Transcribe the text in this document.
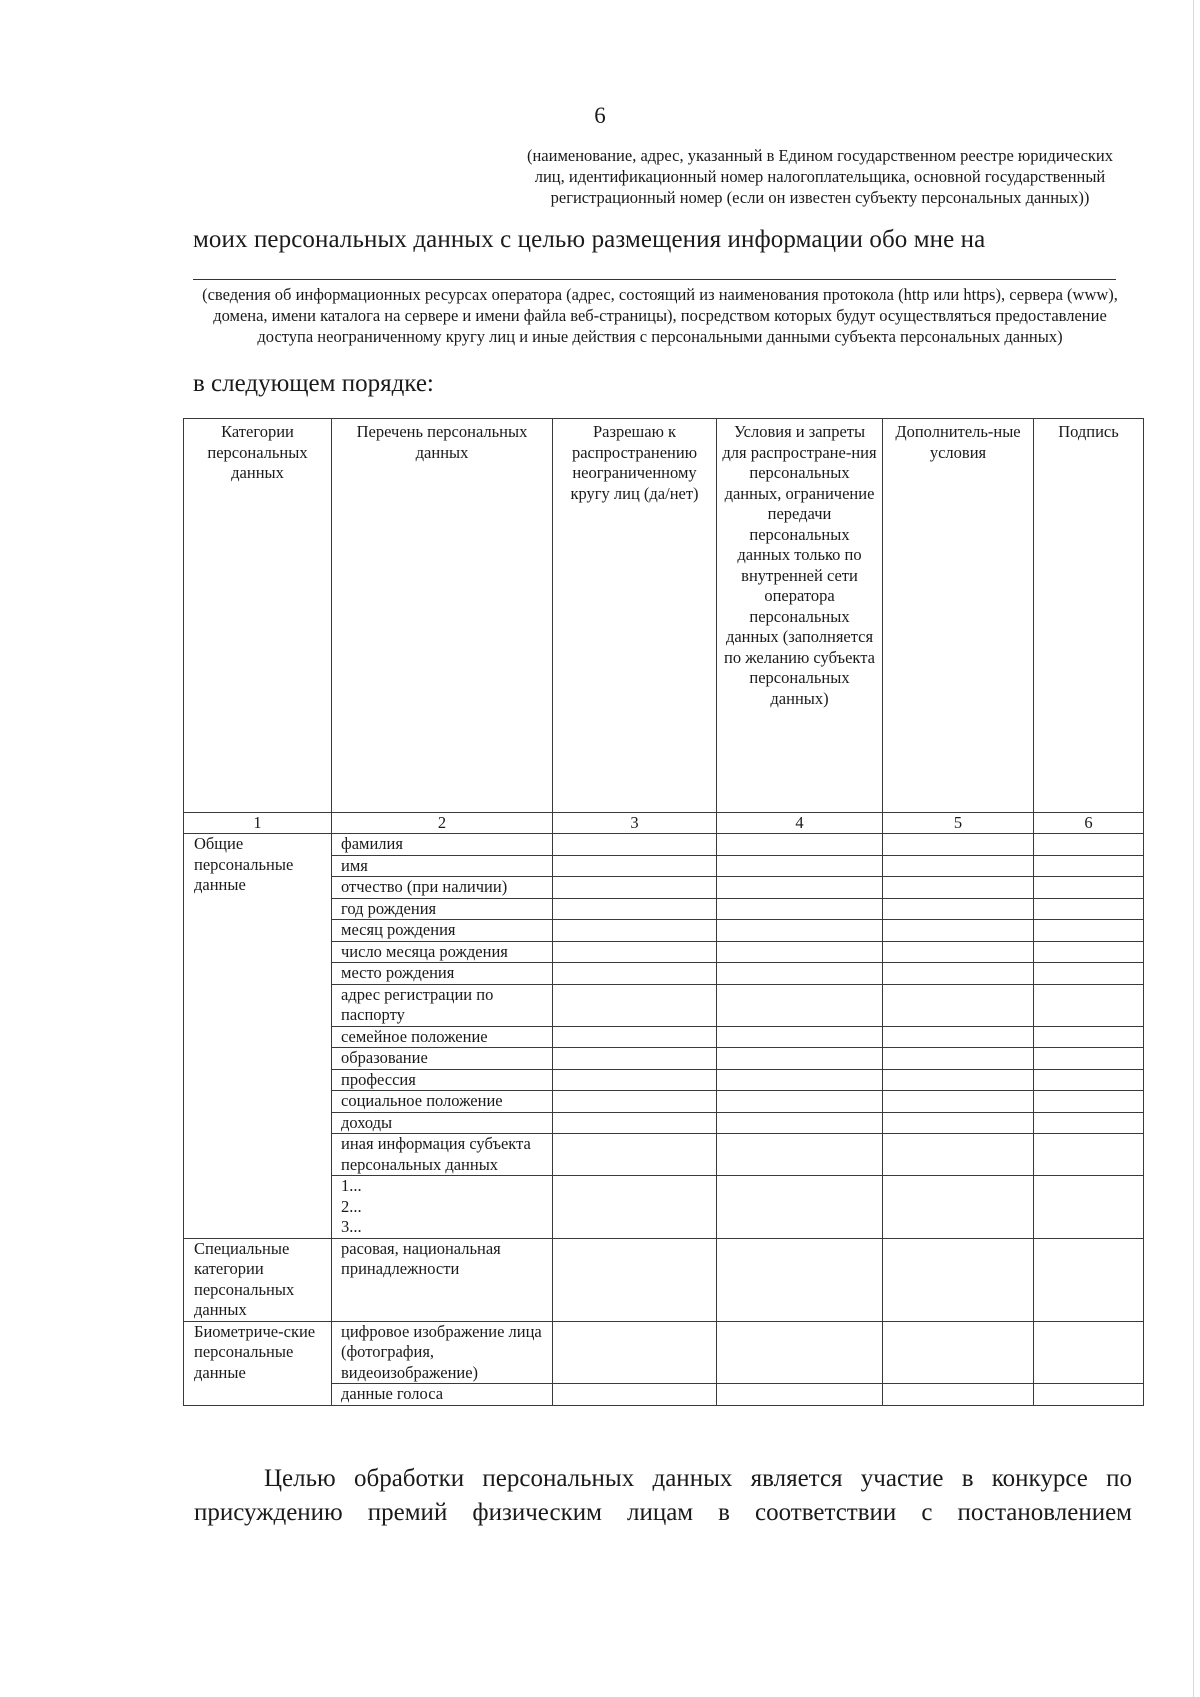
6
(наименование, адрес, указанный в Едином государственном реестре юридических лиц, идентификационный номер налогоплательщика, основной государственный регистрационный номер (если он известен субъекту персональных данных))
моих персональных данных с целью размещения информации обо мне на
(сведения об информационных ресурсах оператора (адрес, состоящий из наименования протокола (http или https), сервера (www), домена, имени каталога на сервере и имени файла веб-страницы), посредством которых будут осуществляться предоставление доступа неограниченному кругу лиц и иные действия с персональными данными субъекта персональных данных)
в следующем порядке:
Категории персональных данных	Перечень персональных данных	Разрешаю к распространению неограниченному кругу лиц (да/нет)	Условия и запреты для распростране-ния персональных данных, ограничение передачи персональных данных только по внутренней сети оператора персональных данных (заполняется по желанию субъекта персональных данных)	Дополнитель-ные условия	Подпись
1	2	3	4	5	6
Общие персональные данные	фамилия				
	имя				
	отчество (при наличии)				
	год рождения				
	месяц рождения				
	число месяца рождения				
	место рождения				
	адрес регистрации по паспорту				
	семейное положение				
	образование				
	профессия				
	социальное положение				
	доходы				
	иная информация субъекта персональных данных				

	1...
2...
3...				

Специальные категории персональных данных	расовая, национальная принадлежности				
Биометриче-ские персональные данные	цифровое изображение лица (фотография, видеоизображение)				
	данные голоса				
Целью обработки персональных данных является участие в конкурсе по присуждению премий физическим лицам в соответствии с постановлением
